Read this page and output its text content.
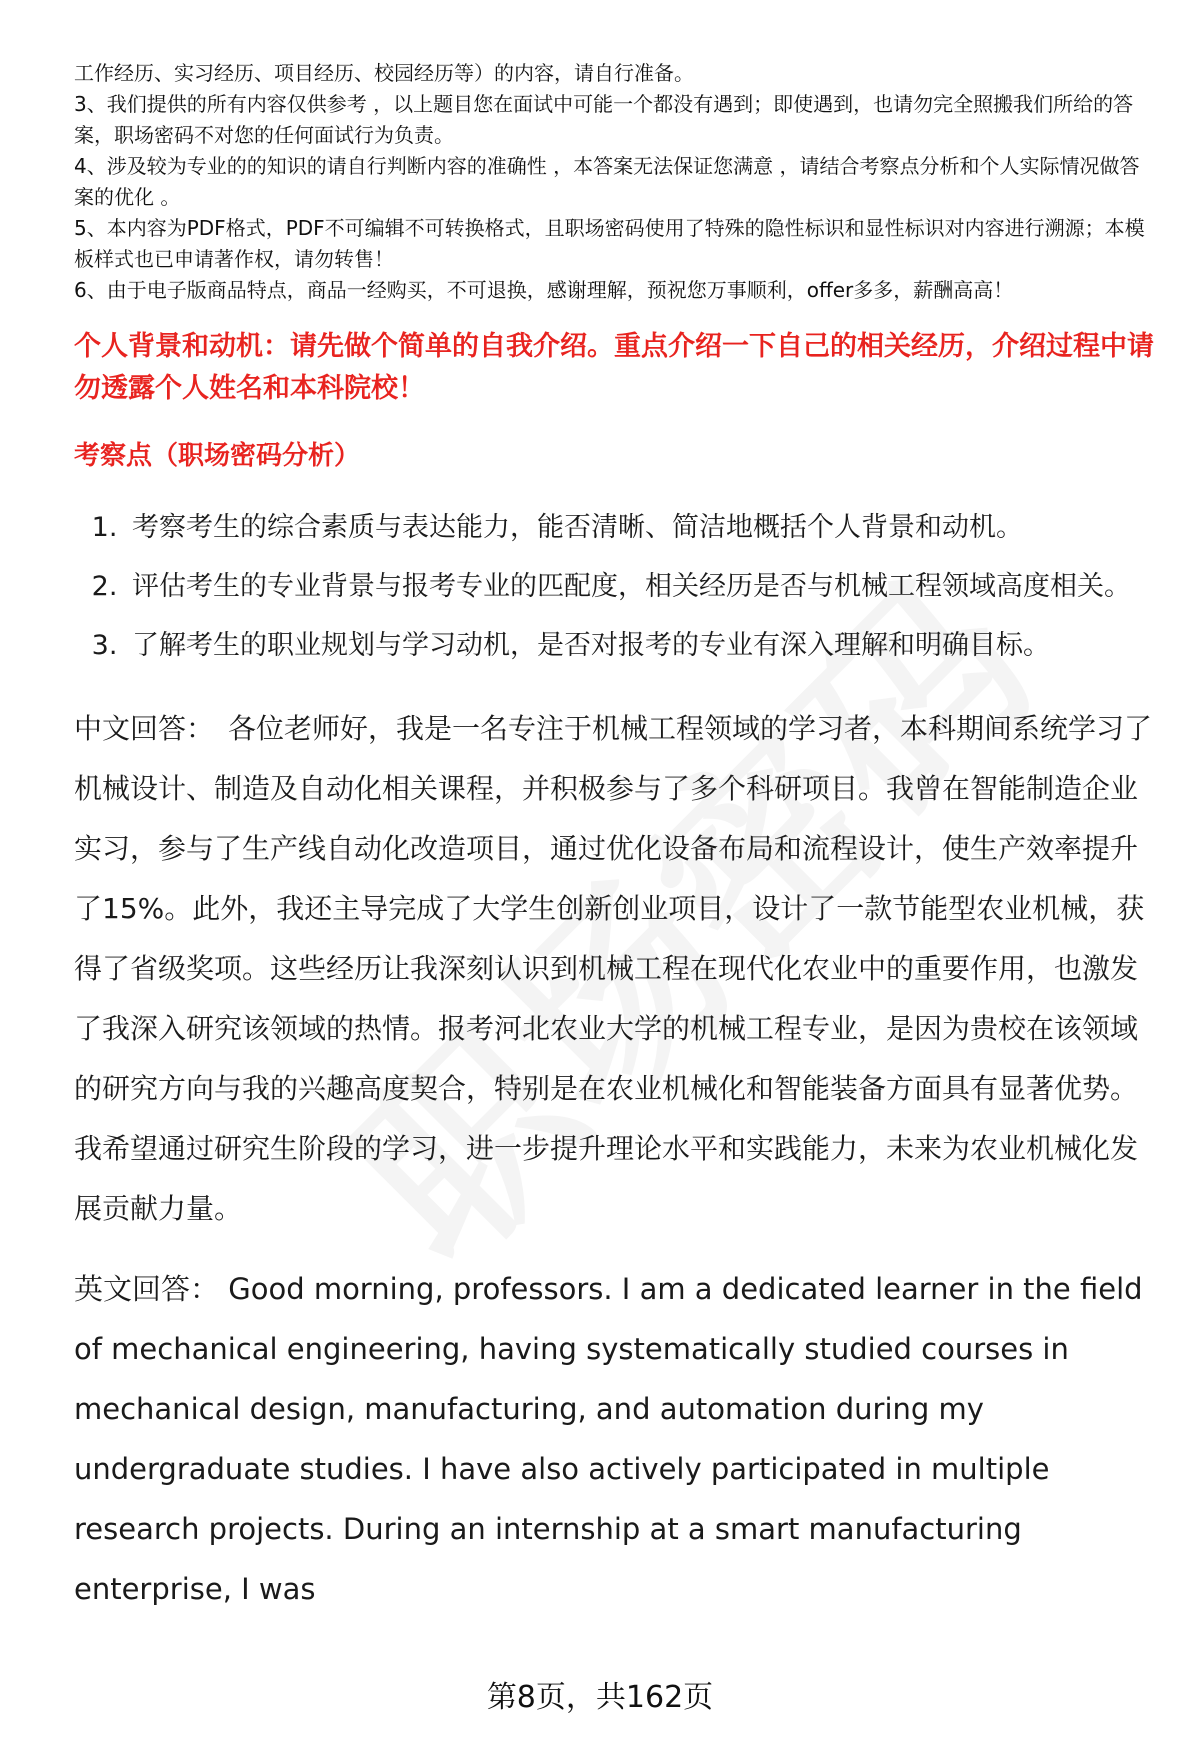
工作经历、实习经历、项目经历、校园经历等）的内容，请自行准备。

3、我们提供的所有内容仅供参考 ，以上题目您在面试中可能一个都没有遇到；即使遇到，也请勿完全照搬我们所给的答案，职场密码不对您的任何面试行为负责。

4、涉及较为专业的的知识的请自行判断内容的准确性 ，本答案无法保证您满意 ，请结合考察点分析和个人实际情况做答案的优化 。

5、本内容为PDF格式，PDF不可编辑不可转换格式，且职场密码使用了特殊的隐性标识和显性标识对内容进行溯源；本模板样式也已申请著作权，请勿转售！

6、由于电子版商品特点，商品一经购买，不可退换，感谢理解，预祝您万事顺利，offer多多，薪酬高高！

个人背景和动机：请先做个简单的自我介绍。重点介绍一下自己的相关经历，介绍过程中请勿透露个人姓名和本科院校！
考察点（职场密码分析）
1. 考察考生的综合素质与表达能力，能否清晰、简洁地概括个人背景和动机。
2. 评估考生的专业背景与报考专业的匹配度，相关经历是否与机械工程领域高度相关。
3. 了解考生的职业规划与学习动机，是否对报考的专业有深入理解和明确目标。
中文回答： 各位老师好，我是一名专注于机械工程领域的学习者，本科期间系统学习了机械设计、制造及自动化相关课程，并积极参与了多个科研项目。我曾在智能制造企业实习，参与了生产线自动化改造项目，通过优化设备布局和流程设计，使生产效率提升了15%。此外，我还主导完成了大学生创新创业项目，设计了一款节能型农业机械，获得了省级奖项。这些经历让我深刻认识到机械工程在现代化农业中的重要作用，也激发了我深入研究该领域的热情。报考河北农业大学的机械工程专业，是因为贵校在该领域的研究方向与我的兴趣高度契合，特别是在农业机械化和智能装备方面具有显著优势。我希望通过研究生阶段的学习，进一步提升理论水平和实践能力，未来为农业机械化发展贡献力量。
英文回答： Good morning, professors. I am a dedicated learner in the field of mechanical engineering, having systematically studied courses in mechanical design, manufacturing, and automation during my undergraduate studies. I have also actively participated in multiple research projects. During an internship at a smart manufacturing enterprise, I was
第8页，共162页
